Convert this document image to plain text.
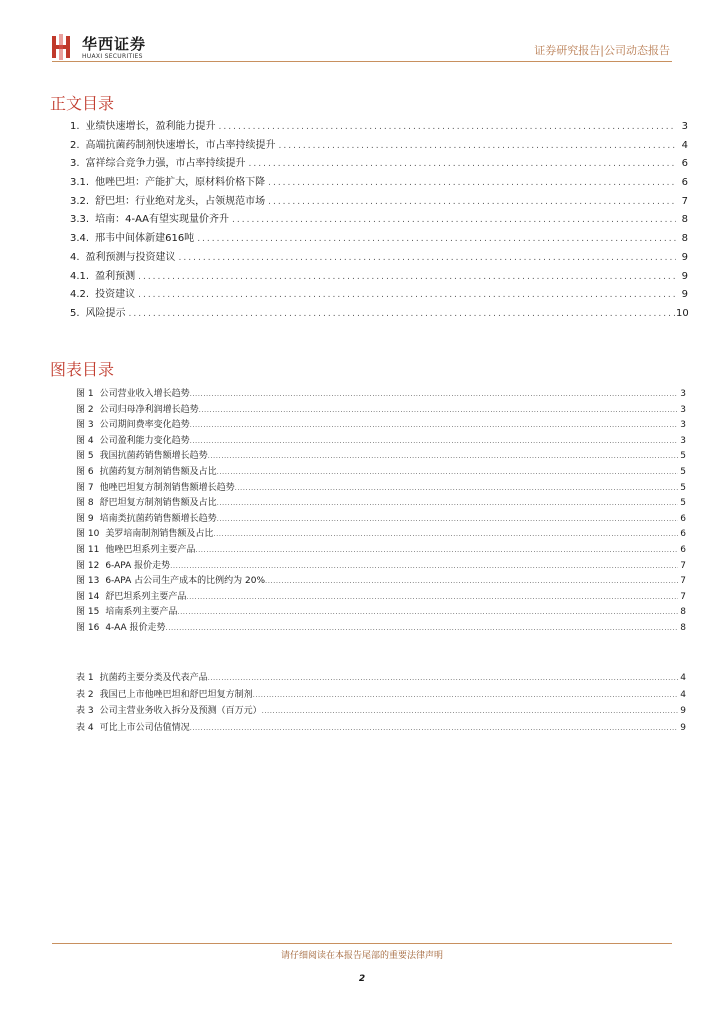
华西证券
HUAXI SECURITIES	证券研究报告|公司动态报告
正文目录
1. 业绩快速增长，盈利能力提升 .....	3
2. 高端抗菌药制剂快速增长，市占率持续提升 .....	4
3. 富祥综合竞争力强，市占率持续提升 .....	6
3.1. 他唑巴坦：产能扩大，原材料价格下降 .....	6
3.2. 舒巴坦：行业绝对龙头，占领规范市场 .....	7
3.3. 培南：4-AA有望实现量价齐升 .....	8
3.4. 邢韦中间体新建616吨 .....	8
4. 盈利预测与投资建议 .....	9
4.1. 盈利预测 .....	9
4.2. 投资建议 .....	9
5. 风险提示 .....	10
图表目录
图 1 公司营业收入增长趋势 .....	3
图 2 公司归母净利润增长趋势 .....	3
图 3 公司期间费率变化趋势 .....	3
图 4 公司盈利能力变化趋势 .....	3
图 5 我国抗菌药销售额增长趋势 .....	5
图 6 抗菌药复方制剂销售额及占比 .....	5
图 7 他唑巴坦复方制剂销售额增长趋势 .....	5
图 8 舒巴坦复方制剂销售额及占比 .....	5
图 9 培南类抗菌药销售额增长趋势 .....	6
图 10 美罗培南制剂销售额及占比 .....	6
图 11 他唑巴坦系列主要产品 .....	6
图 12 6-APA 报价走势 .....	7
图 13 6-APA 占公司生产成本的比例约为 20% .....	7
图 14 舒巴坦系列主要产品 .....	7
图 15 培南系列主要产品 .....	8
图 16 4-AA 报价走势 .....	8
表 1 抗菌药主要分类及代表产品 .....	4
表 2 我国已上市他唑巴坦和舒巴坦复方制剂 .....	4
表 3 公司主营业务收入拆分及预测（百万元） .....	9
表 4 可比上市公司估值情况 .....	9
请仔细阅读在本报告尾部的重要法律声明
2
